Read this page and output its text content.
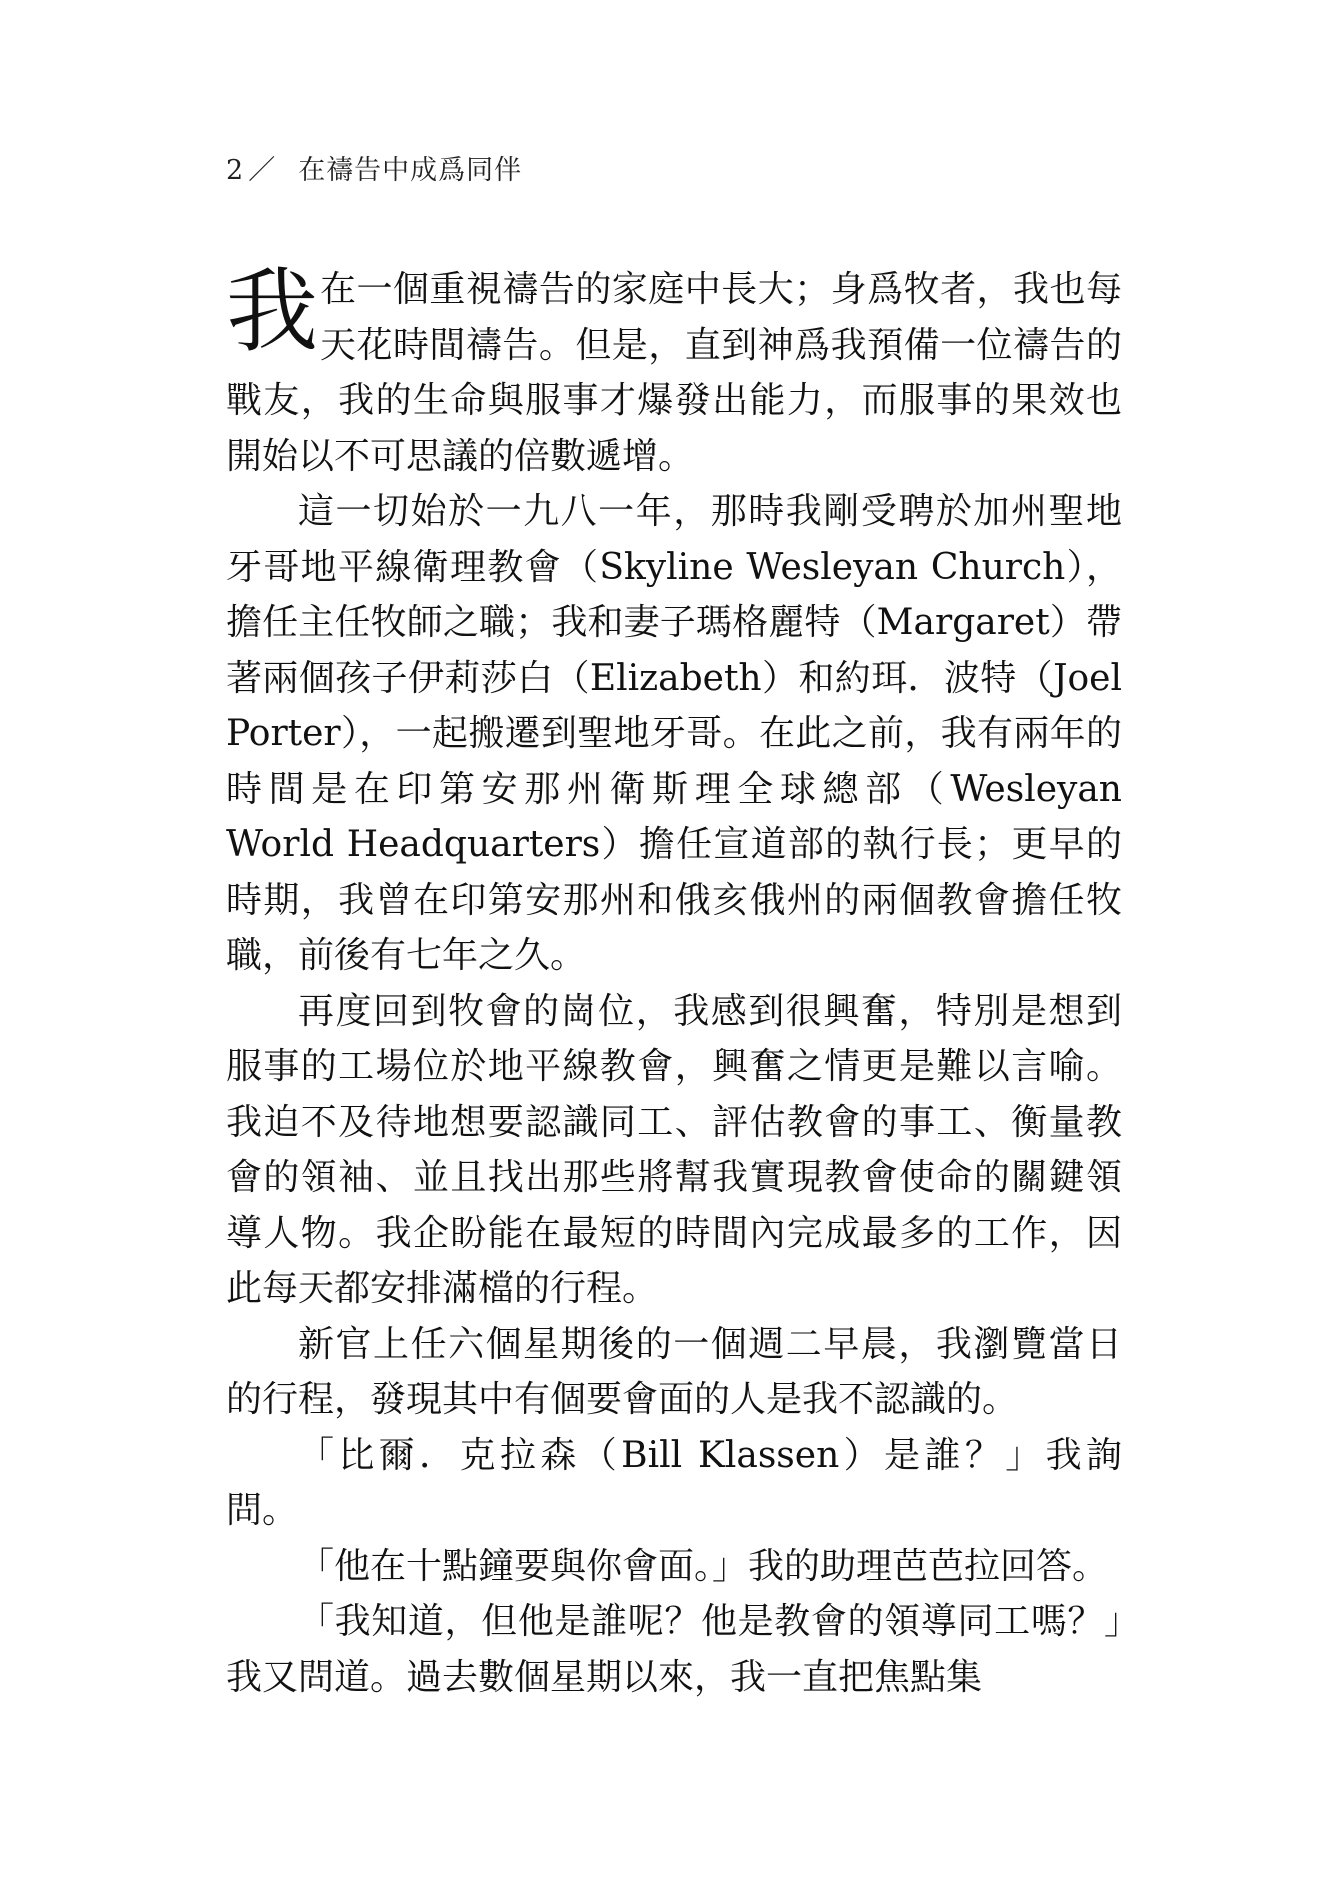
2 ／ 在禱告中成爲同伴

我在一個重視禱告的家庭中長大；身爲牧者，我也每天花時間禱告。但是，直到神爲我預備一位禱告的戰友，我的生命與服事才爆發出能力，而服事的果效也開始以不可思議的倍數遞增。

這一切始於一九八一年，那時我剛受聘於加州聖地牙哥地平線衛理教會（Skyline Wesleyan Church），擔任主任牧師之職；我和妻子瑪格麗特（Margaret）帶著兩個孩子伊莉莎白（Elizabeth）和約珥．波特（Joel Porter），一起搬遷到聖地牙哥。在此之前，我有兩年的時間是在印第安那州衛斯理全球總部（Wesleyan World Headquarters）擔任宣道部的執行長；更早的時期，我曾在印第安那州和俄亥俄州的兩個教會擔任牧職，前後有七年之久。

再度回到牧會的崗位，我感到很興奮，特別是想到服事的工場位於地平線教會，興奮之情更是難以言喻。我迫不及待地想要認識同工、評估教會的事工、衡量教會的領袖、並且找出那些將幫我實現教會使命的關鍵領導人物。我企盼能在最短的時間內完成最多的工作，因此每天都安排滿檔的行程。

新官上任六個星期後的一個週二早晨，我瀏覽當日的行程，發現其中有個要會面的人是我不認識的。

「比爾．克拉森（Bill Klassen）是誰？」我詢問。

「他在十點鐘要與你會面。」我的助理芭芭拉回答。

「我知道，但他是誰呢？他是教會的領導同工嗎？」我又問道。過去數個星期以來，我一直把焦點集
